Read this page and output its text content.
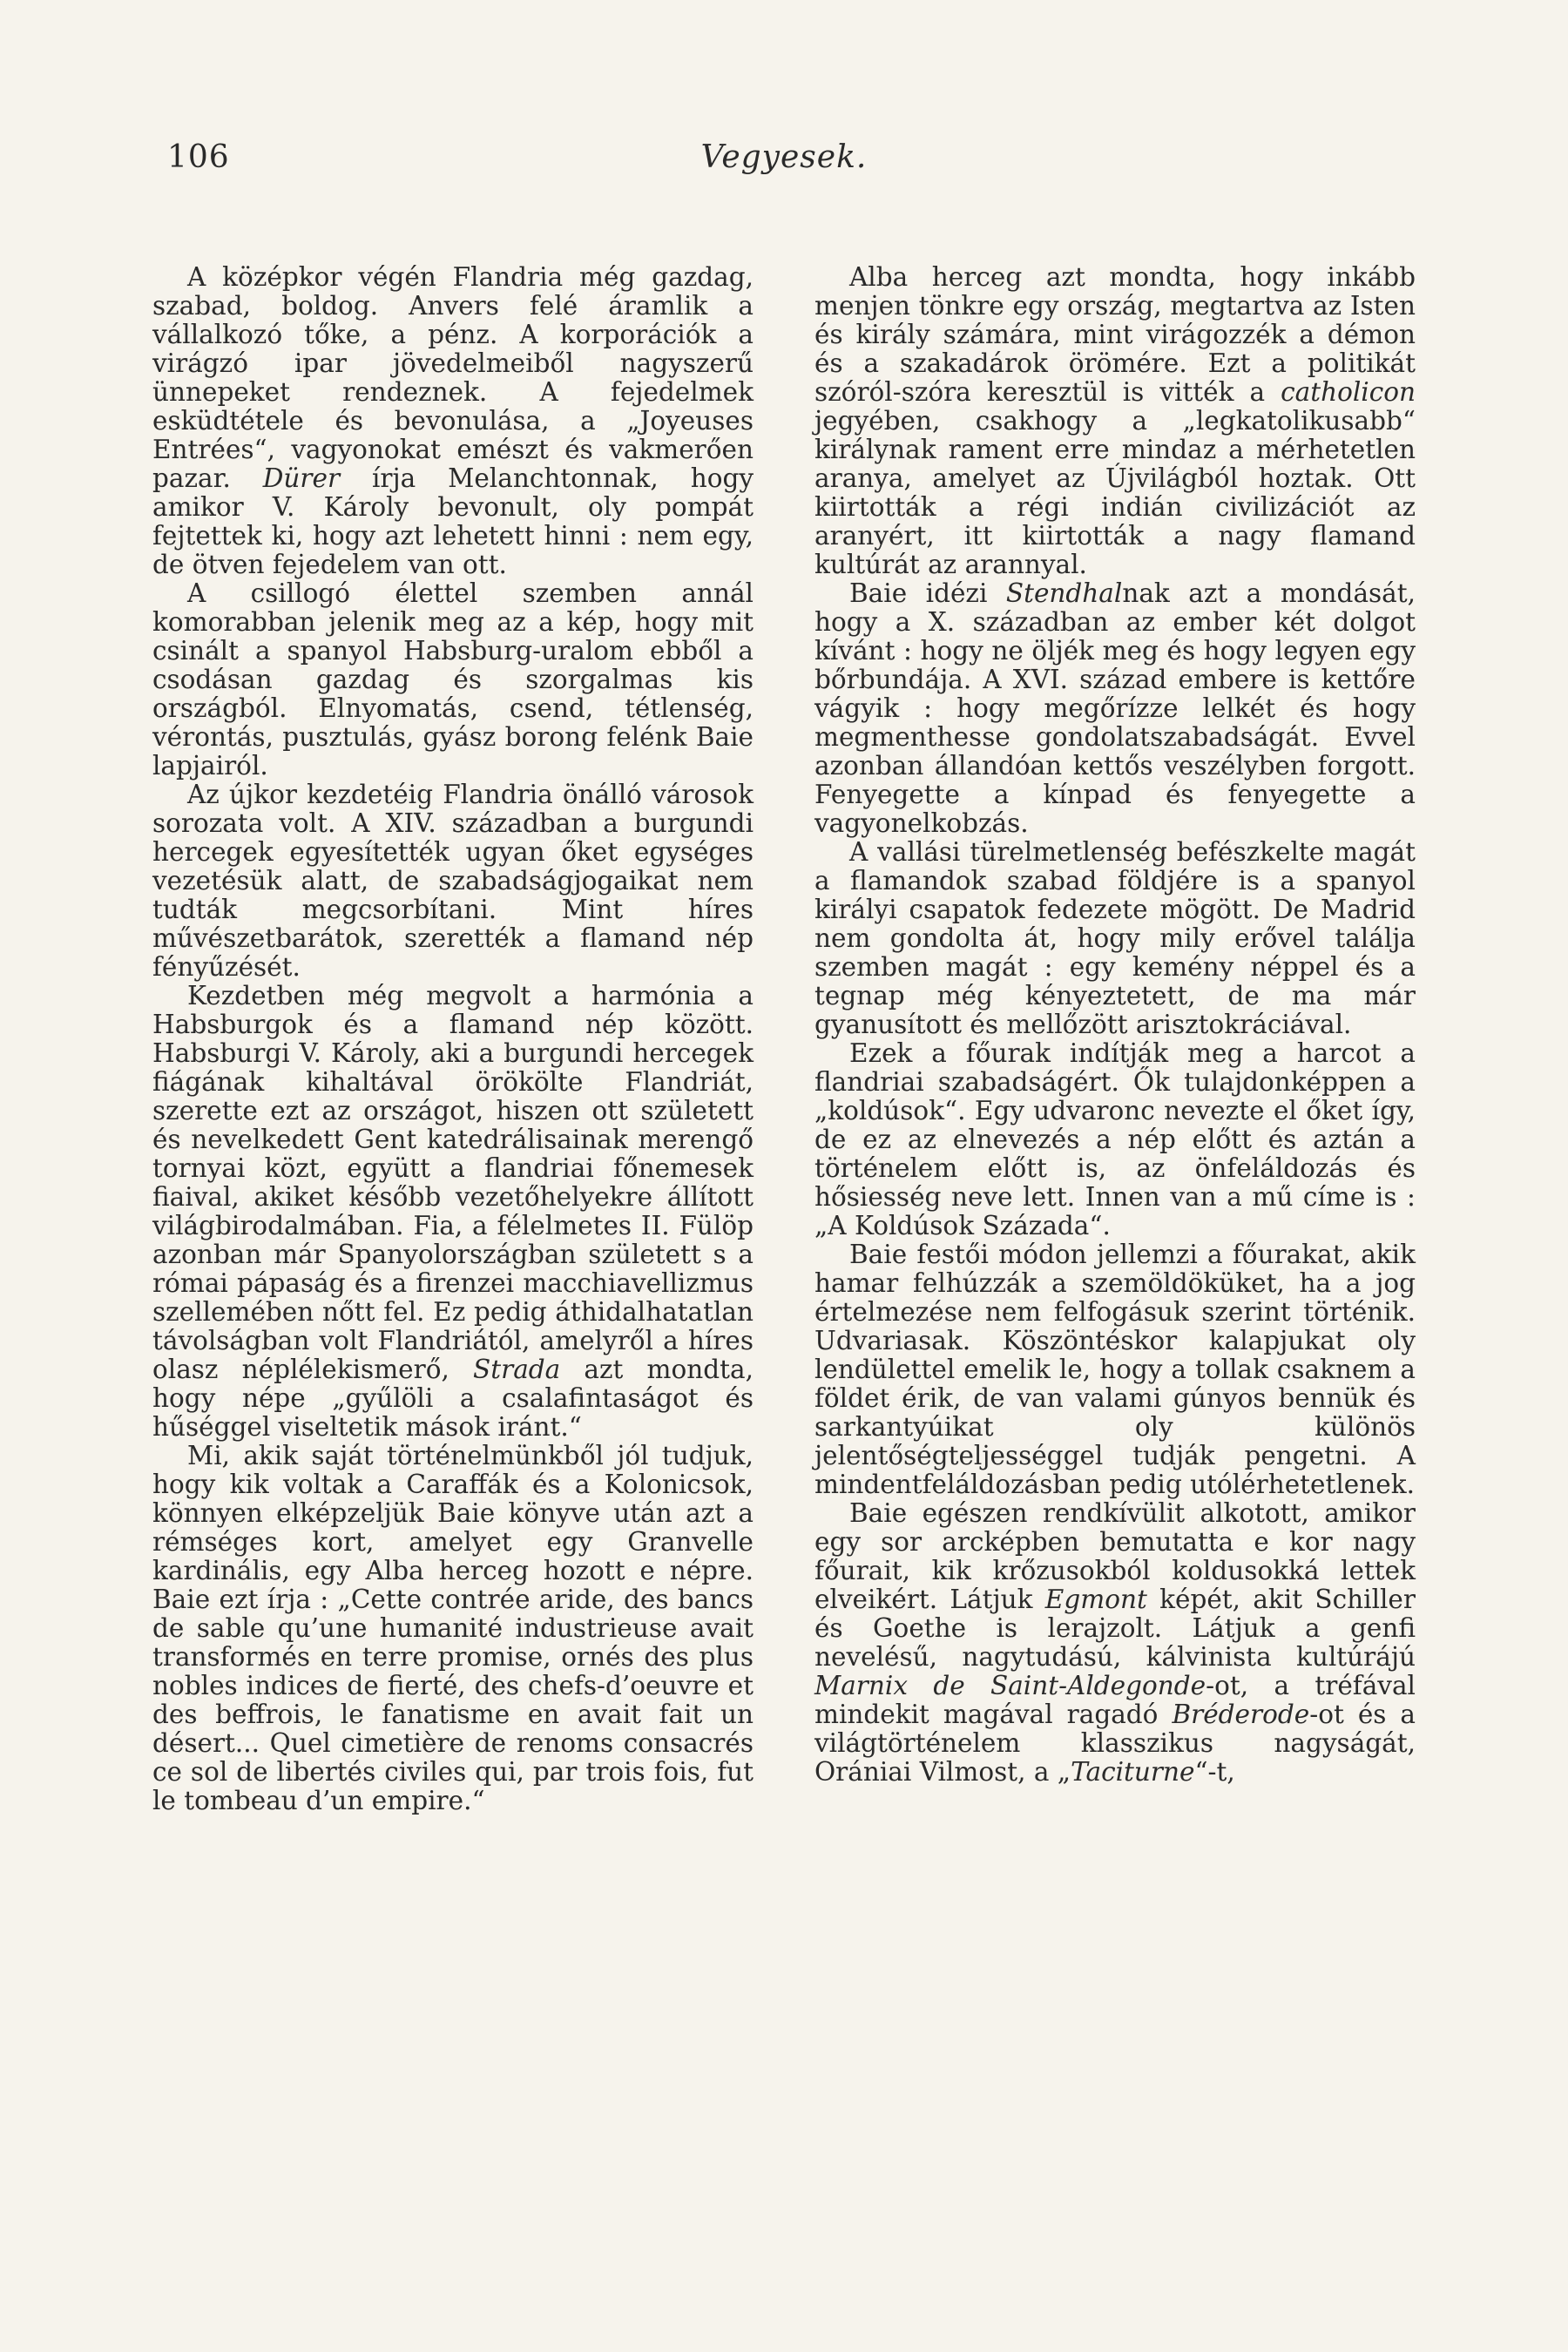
106	Vegyesek.

A középkor végén Flandria még gazdag, szabad, boldog. Anvers felé áramlik a vállalkozó tőke, a pénz. A korporációk a virágzó ipar jövedelmeiből nagyszerű ünnepeket rendeznek. A fejedelmek esküdtétele és bevonulása, a „Joyeuses Entrées“, vagyonokat emészt és vakmerően pazar. Dürer írja Melanchtonnak, hogy amikor V. Károly bevonult, oly pompát fejtettek ki, hogy azt lehetett hinni : nem egy, de ötven fejedelem van ott.

A csillogó élettel szemben annál komorabban jelenik meg az a kép, hogy mit csinált a spanyol Habsburg-uralom ebből a csodásan gazdag és szorgalmas kis országból. Elnyomatás, csend, tétlenség, vérontás, pusztulás, gyász borong felénk Baie lapjairól.

Az újkor kezdetéig Flandria önálló városok sorozata volt. A XIV. században a burgundi hercegek egyesítették ugyan őket egységes vezetésük alatt, de szabadságjogaikat nem tudták megcsorbítani. Mint híres művészetbarátok, szerették a flamand nép fényűzését.

Kezdetben még megvolt a harmónia a Habsburgok és a flamand nép között. Habsburgi V. Károly, aki a burgundi hercegek fiágának kihaltával örökölte Flandriát, szerette ezt az országot, hiszen ott született és nevelkedett Gent katedrálisainak merengő tornyai közt, együtt a flandriai főnemesek fiaival, akiket később vezetőhelyekre állított világbirodalmában. Fia, a félelmetes II. Fülöp azonban már Spanyolországban született s a római pápaság és a firenzei macchiavellizmus szellemében nőtt fel. Ez pedig áthidalhatatlan távolságban volt Flandriától, amelyről a híres olasz néplélekismerő, Strada azt mondta, hogy népe „gyűlöli a csalafintaságot és hűséggel viseltetik mások iránt.“

Mi, akik saját történelmünkből jól tudjuk, hogy kik voltak a Caraffák és a Kolonicsok, könnyen elképzeljük Baie könyve után azt a rémséges kort, amelyet egy Granvelle kardinális, egy Alba herceg hozott e népre. Baie ezt írja : „Cette contrée aride, des bancs de sable qu’une humanité industrieuse avait transformés en terre promise, ornés des plus nobles indices de fierté, des chefs-d’oeuvre et des beffrois, le fanatisme en avait fait un désert... Quel cimetière de renoms consacrés ce sol de libertés civiles qui, par trois fois, fut le tombeau d’un empire.“

Alba herceg azt mondta, hogy inkább menjen tönkre egy ország, megtartva az Isten és király számára, mint virágozzék a démon és a szakadárok örömére. Ezt a politikát szóról-szóra keresztül is vitték a catholicon jegyében, csakhogy a „legkatolikusabb“ királynak rament erre mindaz a mérhetetlen aranya, amelyet az Újvilágból hoztak. Ott kiirtották a régi indián civilizációt az aranyért, itt kiirtották a nagy flamand kultúrát az arannyal.

Baie idézi Stendhalnak azt a mondását, hogy a X. században az ember két dolgot kívánt : hogy ne öljék meg és hogy legyen egy bőrbundája. A XVI. század embere is kettőre vágyik : hogy megőrízze lelkét és hogy megmenthesse gondolatszabadságát. Evvel azonban állandóan kettős veszélyben forgott. Fenyegette a kínpad és fenyegette a vagyonelkobzás.

A vallási türelmetlenség befészkelte magát a flamandok szabad földjére is a spanyol királyi csapatok fedezete mögött. De Madrid nem gondolta át, hogy mily erővel találja szemben magát : egy kemény néppel és a tegnap még kényeztetett, de ma már gyanusított és mellőzött arisztokráciával.

Ezek a főurak indítják meg a harcot a flandriai szabadságért. Ők tulajdonképpen a „koldúsok“. Egy udvaronc nevezte el őket így, de ez az elnevezés a nép előtt és aztán a történelem előtt is, az önfeláldozás és hősiesség neve lett. Innen van a mű címe is : „A Koldúsok Százada“.

Baie festői módon jellemzi a főurakat, akik hamar felhúzzák a szemöldöküket, ha a jog értelmezése nem felfogásuk szerint történik. Udvariasak. Köszöntéskor kalapjukat oly lendülettel emelik le, hogy a tollak csaknem a földet érik, de van valami gúnyos bennük és sarkantyúikat oly különös jelentőségteljességgel tudják pengetni. A mindentfeláldozásban pedig utólérhetetlenek.

Baie egészen rendkívülit alkotott, amikor egy sor arcképben bemutatta e kor nagy főurait, kik krőzusokból koldusokká lettek elveikért. Látjuk Egmont képét, akit Schiller és Goethe is lerajzolt. Látjuk a genfi nevelésű, nagytudású, kálvinista kultúrájú Marnix de Saint-Aldegonde-ot, a tréfával mindekit magával ragadó Bréderode-ot és a világtörténelem klasszikus nagyságát, Orániai Vilmost, a „Taciturne“-t,
